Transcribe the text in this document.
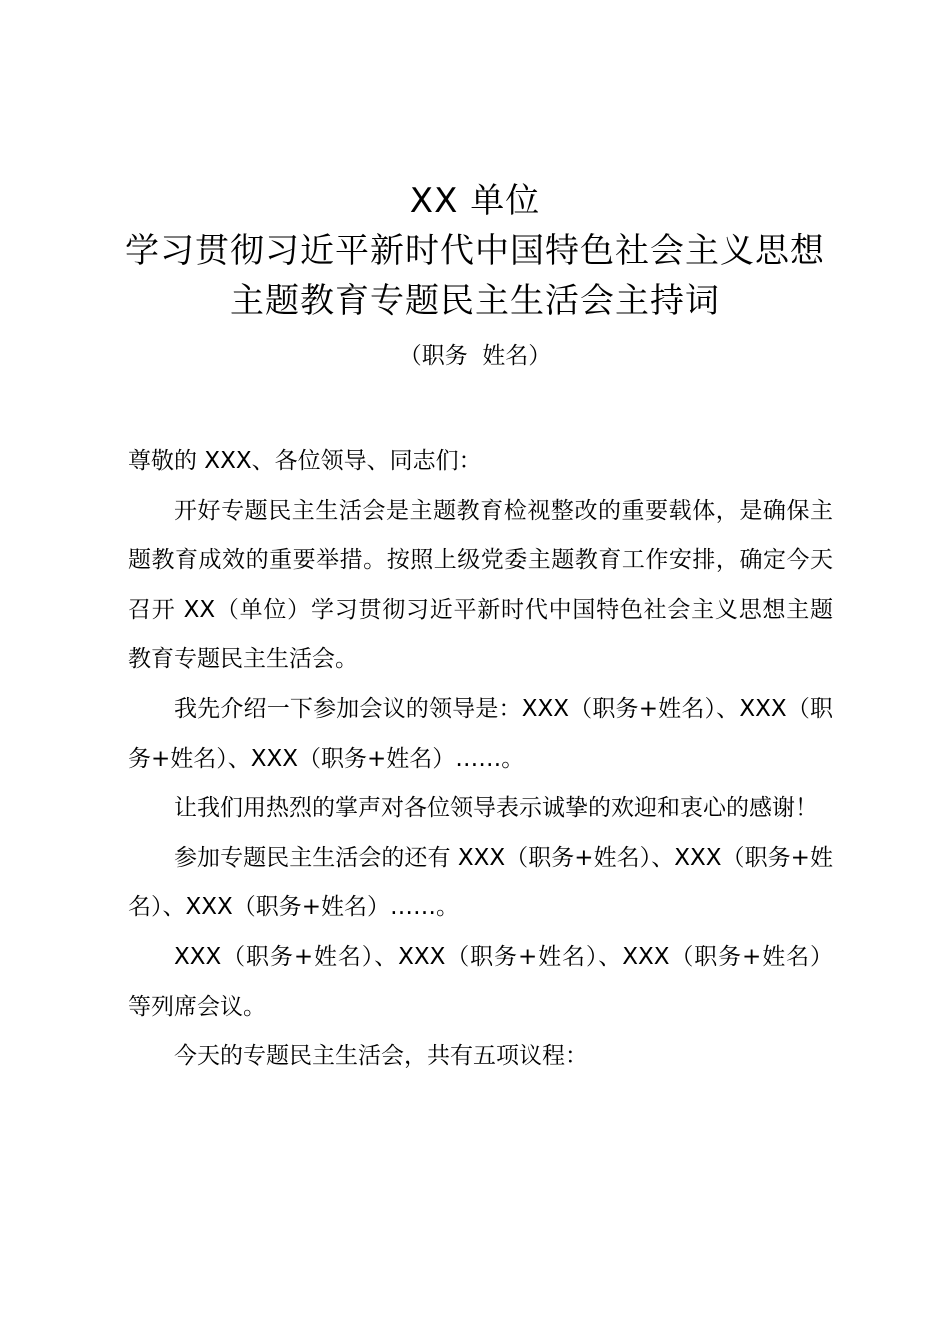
XX 单位
学习贯彻习近平新时代中国特色社会主义思想
主题教育专题民主生活会主持词
（职务  姓名）

尊敬的 XXX、各位领导、同志们：

开好专题民主生活会是主题教育检视整改的重要载体，是确保主题教育成效的重要举措。按照上级党委主题教育工作安排，确定今天召开 XX（单位）学习贯彻习近平新时代中国特色社会主义思想主题教育专题民主生活会。

我先介绍一下参加会议的领导是：XXX（职务+姓名）、XXX（职务+姓名）、XXX（职务+姓名）……。

让我们用热烈的掌声对各位领导表示诚挚的欢迎和衷心的感谢！

参加专题民主生活会的还有 XXX（职务+姓名）、XXX（职务+姓名）、XXX（职务+姓名）……。

XXX（职务+姓名）、XXX（职务+姓名）、XXX（职务+姓名）等列席会议。

今天的专题民主生活会，共有五项议程：
